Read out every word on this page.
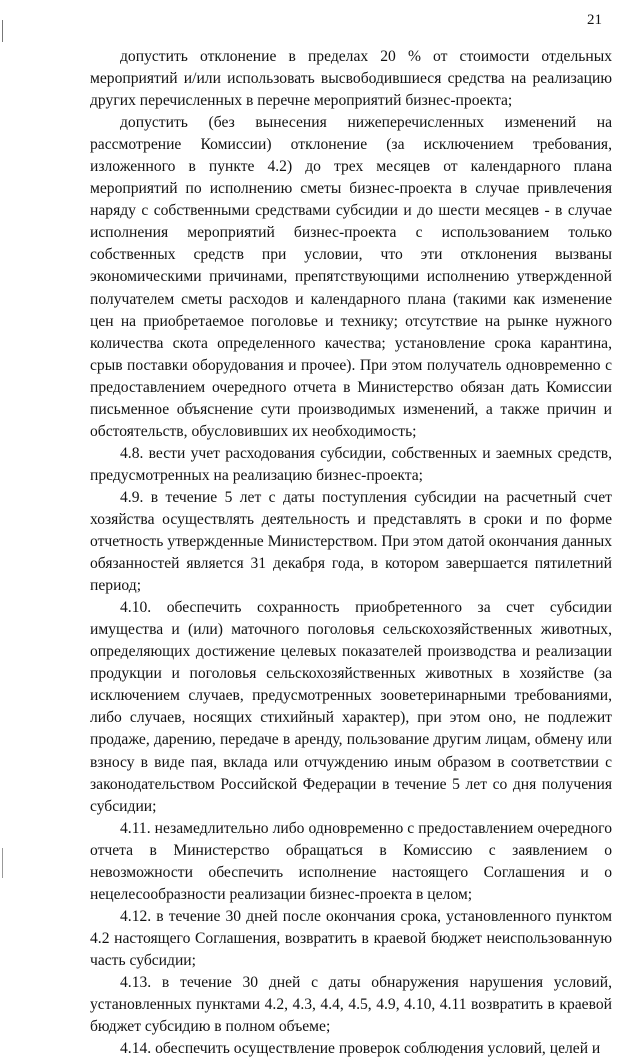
21

допустить отклонение в пределах 20 % от стоимости отдельных мероприятий и/или использовать высвободившиеся средства на реализацию других перечисленных в перечне мероприятий бизнес-проекта;

допустить (без вынесения нижеперечисленных изменений на рассмотрение Комиссии) отклонение (за исключением требования, изложенного в пункте 4.2) до трех месяцев от календарного плана мероприятий по исполнению сметы бизнес-проекта в случае привлечения наряду с собственными средствами субсидии и до шести месяцев - в случае исполнения мероприятий бизнес-проекта с использованием только собственных средств при условии, что эти отклонения вызваны экономическими причинами, препятствующими исполнению утвержденной получателем сметы расходов и календарного плана (такими как изменение цен на приобретаемое поголовье и технику; отсутствие на рынке нужного количества скота определенного качества; установление срока карантина, срыв поставки оборудования и прочее). При этом получатель одновременно с предоставлением очередного отчета в Министерство обязан дать Комиссии письменное объяснение сути производимых изменений, а также причин и обстоятельств, обусловивших их необходимость;

4.8. вести учет расходования субсидии, собственных и заемных средств, предусмотренных на реализацию бизнес-проекта;

4.9. в течение 5 лет с даты поступления субсидии на расчетный счет хозяйства осуществлять деятельность и представлять в сроки и по форме отчетность утвержденные Министерством. При этом датой окончания данных обязанностей является 31 декабря года, в котором завершается пятилетний период;

4.10. обеспечить сохранность приобретенного за счет субсидии имущества и (или) маточного поголовья сельскохозяйственных животных, определяющих достижение целевых показателей производства и реализации продукции и поголовья сельскохозяйственных животных в хозяйстве (за исключением случаев, предусмотренных зооветеринарными требованиями, либо случаев, носящих стихийный характер), при этом оно, не подлежит продаже, дарению, передаче в аренду, пользование другим лицам, обмену или взносу в виде пая, вклада или отчуждению иным образом в соответствии с законодательством Российской Федерации в течение 5 лет со дня получения субсидии;

4.11. незамедлительно либо одновременно с предоставлением очередного отчета в Министерство обращаться в Комиссию с заявлением о невозможности обеспечить исполнение настоящего Соглашения и о нецелесообразности реализации бизнес-проекта в целом;

4.12. в течение 30 дней после окончания срока, установленного пунктом 4.2 настоящего Соглашения, возвратить в краевой бюджет неиспользованную часть субсидии;

4.13. в течение 30 дней с даты обнаружения нарушения условий, установленных пунктами 4.2, 4.3, 4.4, 4.5, 4.9, 4.10, 4.11 возвратить в краевой бюджет субсидию в полном объеме;

4.14. обеспечить осуществление проверок соблюдения условий, целей и
